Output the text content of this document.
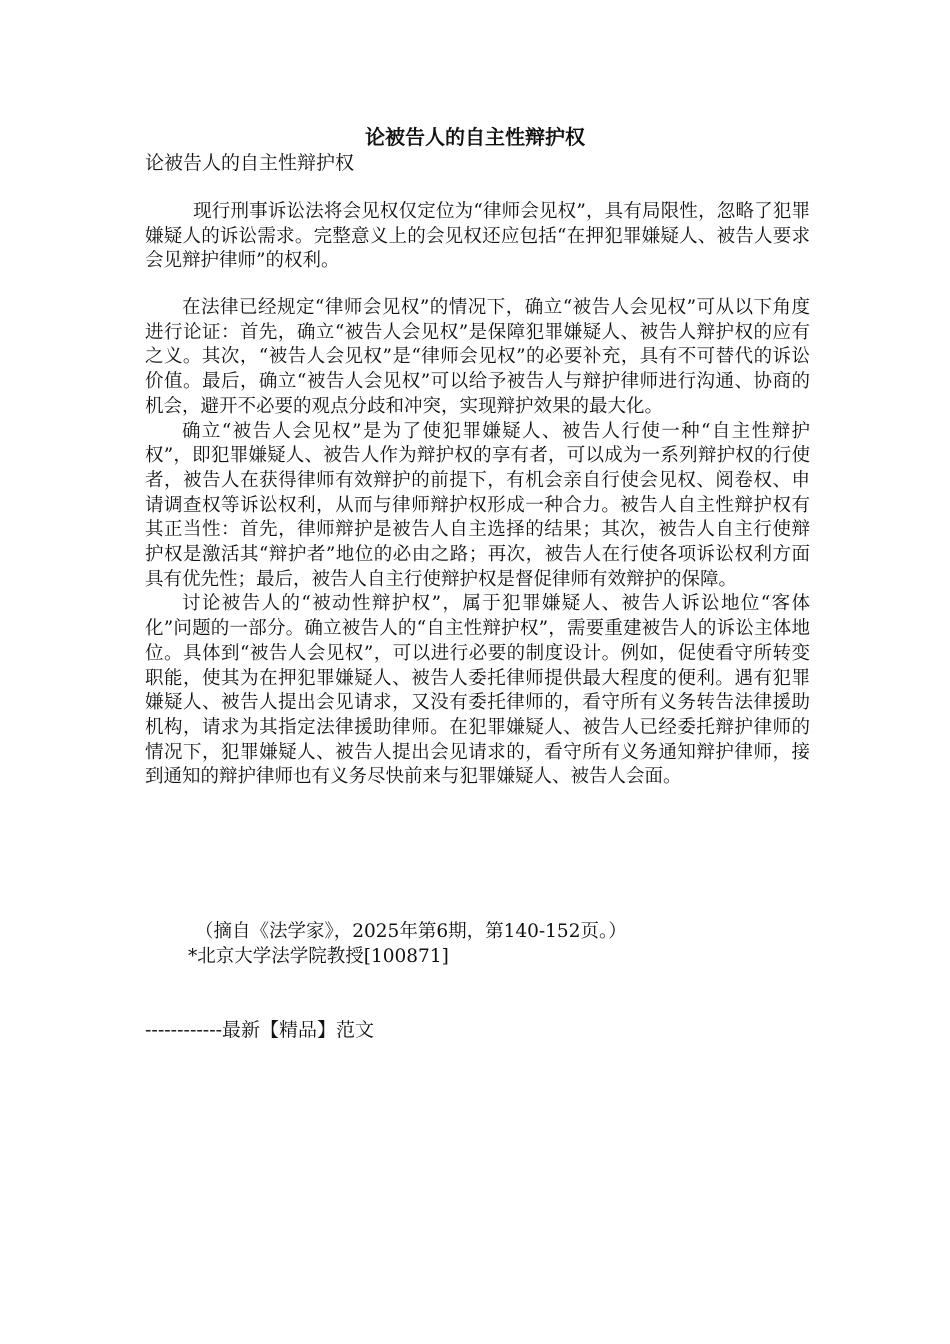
论被告人的自主性辩护权

论被告人的自主性辩护权

现行刑事诉讼法将会见权仅定位为“律师会见权”，具有局限性，忽略了犯罪嫌疑人的诉讼需求。完整意义上的会见权还应包括“在押犯罪嫌疑人、被告人要求会见辩护律师”的权利。

在法律已经规定“律师会见权”的情况下，确立“被告人会见权”可从以下角度进行论证：首先，确立“被告人会见权”是保障犯罪嫌疑人、被告人辩护权的应有之义。其次，“被告人会见权”是“律师会见权”的必要补充，具有不可替代的诉讼价值。最后，确立“被告人会见权”可以给予被告人与辩护律师进行沟通、协商的机会，避开不必要的观点分歧和冲突，实现辩护效果的最大化。

确立“被告人会见权”是为了使犯罪嫌疑人、被告人行使一种“自主性辩护权”，即犯罪嫌疑人、被告人作为辩护权的享有者，可以成为一系列辩护权的行使者，被告人在获得律师有效辩护的前提下，有机会亲自行使会见权、阅卷权、申请调查权等诉讼权利，从而与律师辩护权形成一种合力。被告人自主性辩护权有其正当性：首先，律师辩护是被告人自主选择的结果；其次，被告人自主行使辩护权是激活其“辩护者”地位的必由之路；再次，被告人在行使各项诉讼权利方面具有优先性；最后，被告人自主行使辩护权是督促律师有效辩护的保障。

讨论被告人的“被动性辩护权”，属于犯罪嫌疑人、被告人诉讼地位“客体化”问题的一部分。确立被告人的“自主性辩护权”，需要重建被告人的诉讼主体地位。具体到“被告人会见权”，可以进行必要的制度设计。例如，促使看守所转变职能，使其为在押犯罪嫌疑人、被告人委托律师提供最大程度的便利。遇有犯罪嫌疑人、被告人提出会见请求，又没有委托律师的，看守所有义务转告法律援助机构，请求为其指定法律援助律师。在犯罪嫌疑人、被告人已经委托辩护律师的情况下，犯罪嫌疑人、被告人提出会见请求的，看守所有义务通知辩护律师，接到通知的辩护律师也有义务尽快前来与犯罪嫌疑人、被告人会面。

（摘自《法学家》，2025年第6期，第140-152页。）

*北京大学法学院教授[100871]

------------最新【精品】范文
